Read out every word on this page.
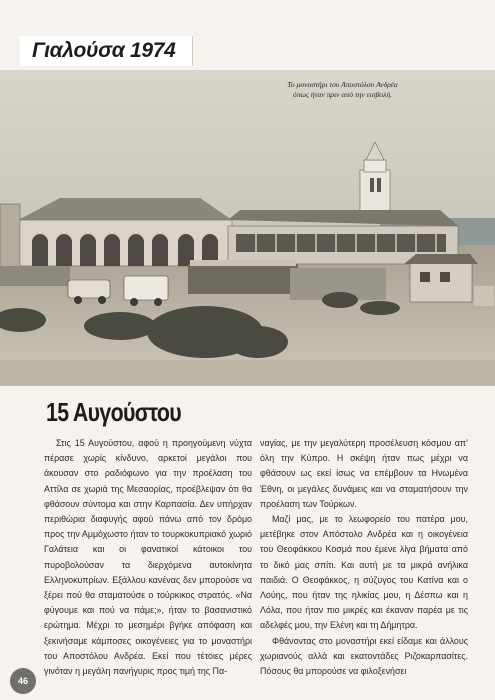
Γιαλούσα 1974
Το μοναστήρι του Αποστόλου Ανδρέα
όπως ήταν πριν από την εισβολή.
15 Αυγούστου

Στις 15 Αυγούστου, αφού η προηγούμενη νύχτα πέρασε χωρίς κίνδυνο, αρκετοί μεγάλοι που άκουσαν στο ραδιόφωνο για την προέλαση του Αττίλα σε χωριά της Μεσαορίας, προέβλεψαν ότι θα φθάσουν σύντομα και στην Καρπασία. Δεν υπήρχαν περιθώρια διαφυγής αφού πάνω από τον δρόμο προς την Αμμόχωστο ήταν το τουρκοκυπριακό χωριό Γαλάτεια και οι φανατικοί κάτοικοι του πυροβολούσαν τα διερχόμενα αυτοκίνητα Ελληνοκυπρίων. Εξάλλου κανένας δεν μπορούσε να ξέρει πού θα σταματούσε ο τούρκικος στρατός. «Να φύγουμε και πού να πάμε;», ήταν το βασανιστικό ερώτημα. Μέχρι το μεσημέρι βγήκε απόφαση και ξεκινήσαμε κάμποσες οικογένειες για το μοναστήρι του Αποστόλου Ανδρέα. Εκεί που τέτοιες μέρες γινόταν η μεγάλη πανήγυρις προς τιμή της Πα-

ναγίας, με την μεγαλύτερη προσέλευση κόσμου απ’ όλη την Κύπρο. Η σκέψη ήταν πως μέχρι να φθάσουν ως εκεί ίσως να επέμβουν τα Ηνωμένα Έθνη, οι μεγάλες δυνάμεις και να σταματήσουν την προέλαση των Τούρκων.

Μαζί μας, με το λεωφορείο του πατέρα μου, μετέβηκε στον Απόστολο Ανδρέα και η οικογένεια του Θεοφάκκου Κοσμά που έμενε λίγα βήματα από το δικό μας σπίτι. Και αυτή με τα μικρά ανήλικα παιδιά. Ο Θεοφάκκος, η σύζυγος του Κατίνα και ο Λούης, που ήταν της ηλικίας μου, η Δέσπω και η Λόλα, που ήταν πιο μικρές και έκαναν παρέα με τις αδελφές μου, την Ελένη και τη Δήμητρα.

Φθάνοντας στο μοναστήρι εκεί είδαμε και άλλους χωριανούς αλλά και εκατοντάδες Ριζοκαρπασίτες. Πόσους θα μπορούσε να φιλοξενήσει

46
